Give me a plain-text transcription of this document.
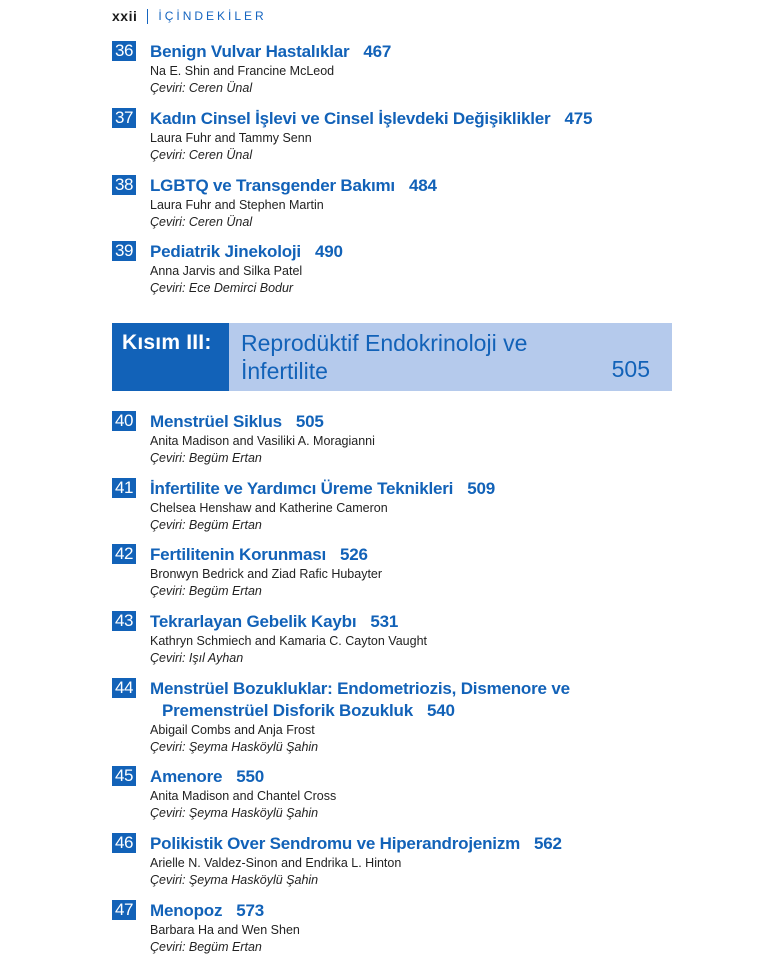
xxii İÇİNDEKİLER
36 Benign Vulvar Hastalıklar 467
Na E. Shin and Francine McLeod
Çeviri: Ceren Ünal
37 Kadın Cinsel İşlevi ve Cinsel İşlevdeki Değişiklikler 475
Laura Fuhr and Tammy Senn
Çeviri: Ceren Ünal
38 LGBTQ ve Transgender Bakımı 484
Laura Fuhr and Stephen Martin
Çeviri: Ceren Ünal
39 Pediatrik Jinekoloji 490
Anna Jarvis and Silka Patel
Çeviri: Ece Demirci Bodur
Kısım III:	Reprodüktif Endokrinoloji ve
İnfertilite	505
40 Menstrüel Siklus 505
Anita Madison and Vasiliki A. Moragianni
Çeviri: Begüm Ertan
41 İnfertilite ve Yardımcı Üreme Teknikleri 509
Chelsea Henshaw and Katherine Cameron
Çeviri: Begüm Ertan
42 Fertilitenin Korunması 526
Bronwyn Bedrick and Ziad Rafic Hubayter
Çeviri: Begüm Ertan
43 Tekrarlayan Gebelik Kaybı 531
Kathryn Schmiech and Kamaria C. Cayton Vaught
Çeviri: Işıl Ayhan
44 Menstrüel Bozukluklar: Endometriozis, Dismenore ve
Premenstrüel Disforik Bozukluk 540
Abigail Combs and Anja Frost
Çeviri: Şeyma Hasköylü Şahin
45 Amenore 550
Anita Madison and Chantel Cross
Çeviri: Şeyma Hasköylü Şahin
46 Polikistik Over Sendromu ve Hiperandrojenizm 562
Arielle N. Valdez-Sinon and Endrika L. Hinton
Çeviri: Şeyma Hasköylü Şahin
47 Menopoz 573
Barbara Ha and Wen Shen
Çeviri: Begüm Ertan
